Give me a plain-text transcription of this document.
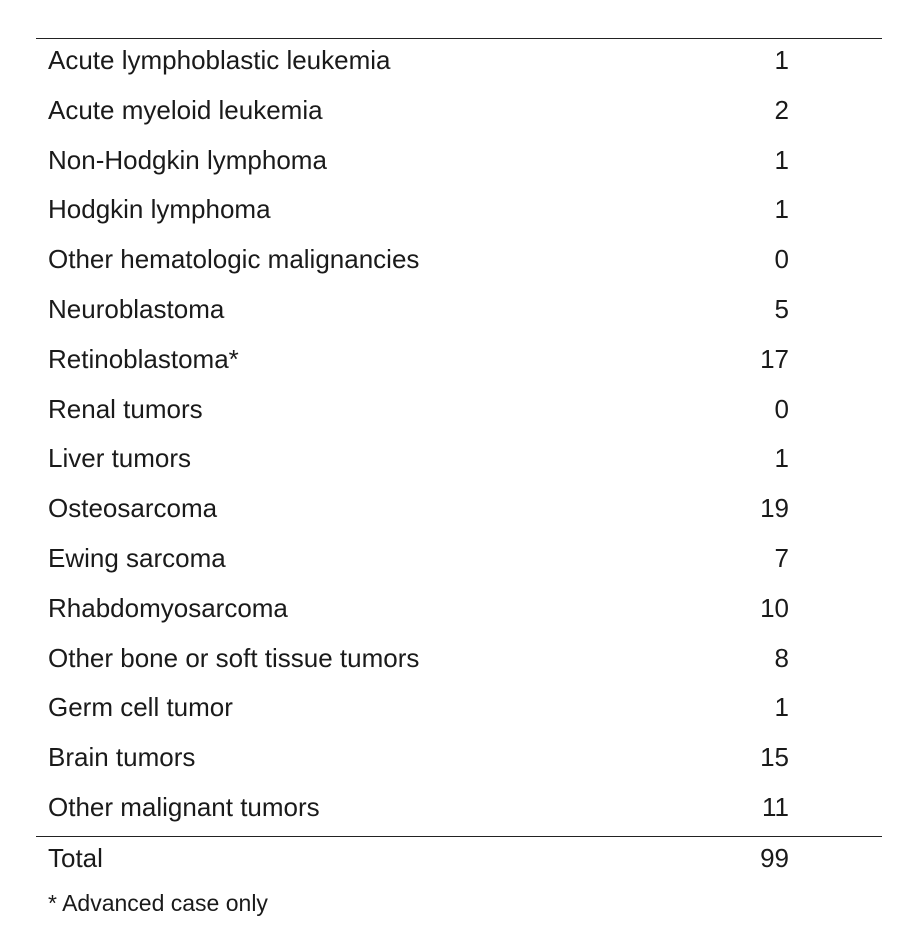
Acute lymphoblastic leukemia	1
Acute myeloid leukemia	2
Non-Hodgkin lymphoma	1
Hodgkin lymphoma	1
Other hematologic malignancies	0
Neuroblastoma	5
Retinoblastoma*	17
Renal tumors	0
Liver tumors	1
Osteosarcoma	19
Ewing sarcoma	7
Rhabdomyosarcoma	10
Other bone or soft tissue tumors	8
Germ cell tumor	1
Brain tumors	15
Other malignant tumors	11
Total	99
* Advanced case only
